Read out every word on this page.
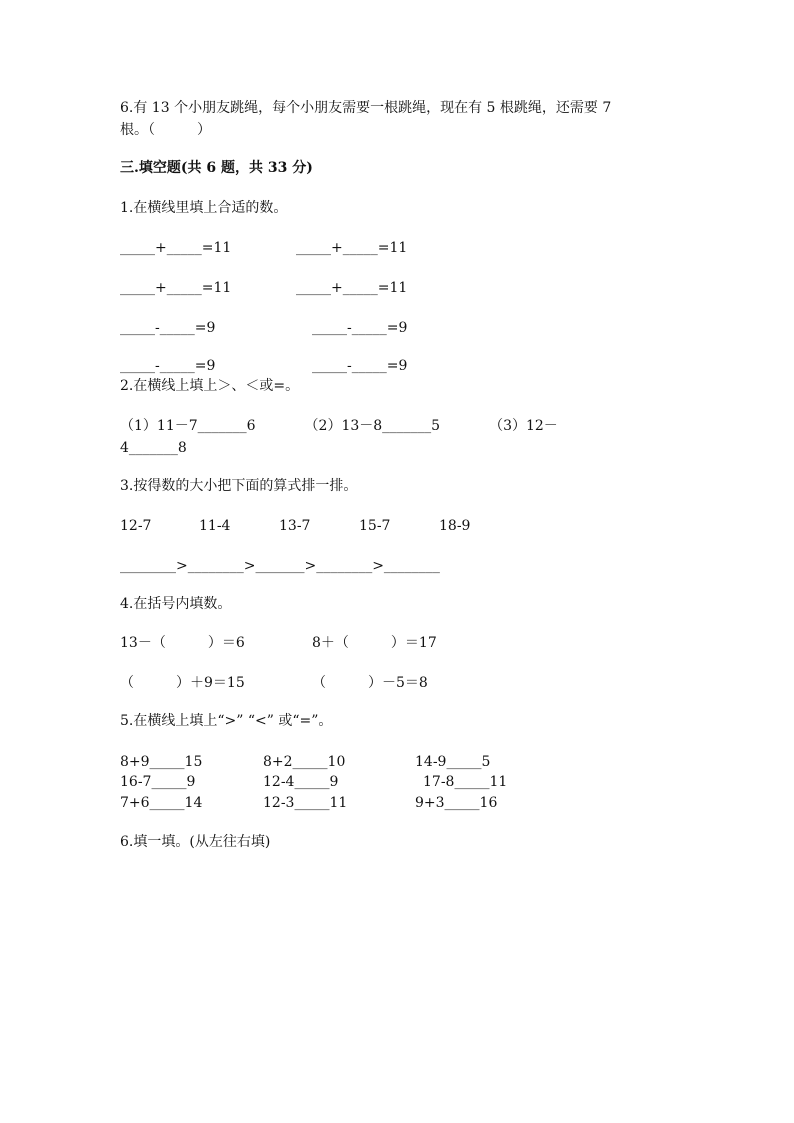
6.有 13 个小朋友跳绳，每个小朋友需要一根跳绳，现在有 5 根跳绳，还需要 7
根。（　　　）
三.填空题(共 6 题，共 33 分)
1.在横线里填上合适的数。
_____+_____=11	_____+_____=11
_____+_____=11	_____+_____=11
_____-_____=9	_____-_____=9
_____-_____=9	_____-_____=9
2.在横线上填上＞、＜或=。
（1）11－7_______6　　　　（2）13－8_______5　　　　（3）12－
4_______8
3.按得数的大小把下面的算式排一排。
12-7	11-4	13-7	15-7	18-9
________>________>_______>________>________
4.在括号内填数。
13－（　　　）＝6	8＋（　　　）＝17
（　　　）＋9＝15	（　　　）－5＝8
5.在横线上填上“>” “<” 或“=”。
8+9_____15	8+2_____10	14-9_____5
16-7_____9	12-4_____9	17-8_____11
7+6_____14	12-3_____11	9+3_____16
6.填一填。(从左往右填)
